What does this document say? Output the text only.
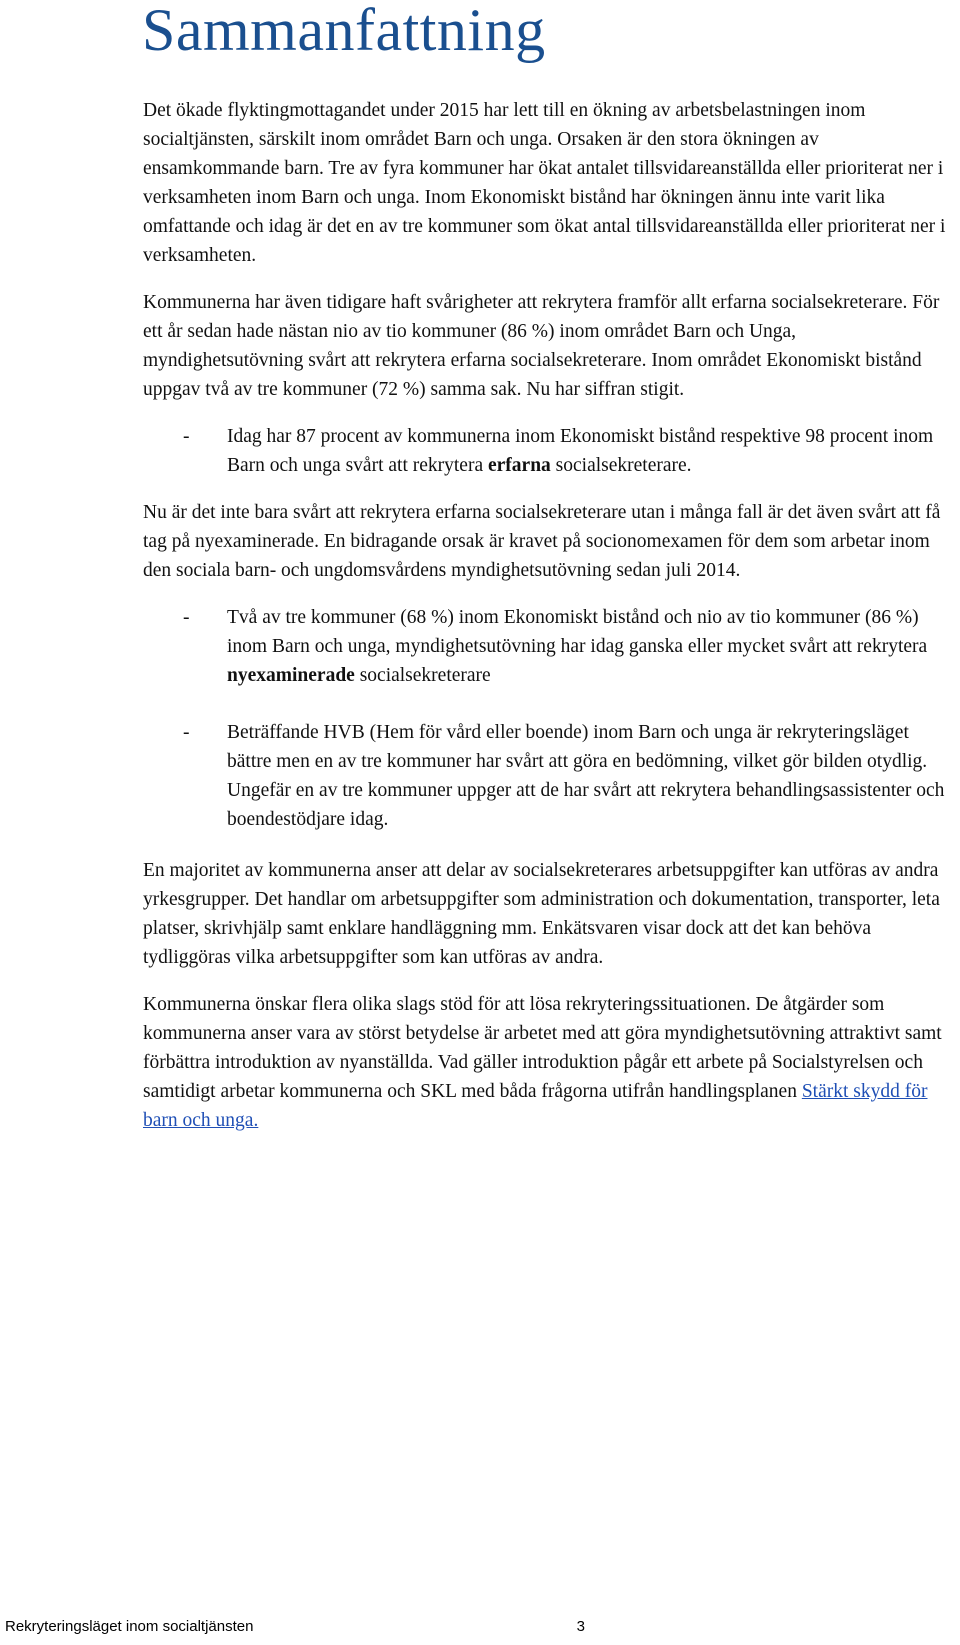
Sammanfattning

Det ökade flyktingmottagandet under 2015 har lett till en ökning av arbetsbelastningen inom socialtjänsten, särskilt inom området Barn och unga. Orsaken är den stora ökningen av ensamkommande barn. Tre av fyra kommuner har ökat antalet tillsvidareanställda eller prioriterat ner i verksamheten inom Barn och unga. Inom Ekonomiskt bistånd har ökningen ännu inte varit lika omfattande och idag är det en av tre kommuner som ökat antal tillsvidareanställda eller prioriterat ner i verksamheten.

Kommunerna har även tidigare haft svårigheter att rekrytera framför allt erfarna socialsekreterare. För ett år sedan hade nästan nio av tio kommuner (86 %) inom området Barn och Unga, myndighetsutövning svårt att rekrytera erfarna socialsekreterare. Inom området Ekonomiskt bistånd uppgav två av tre kommuner (72 %) samma sak. Nu har siffran stigit.

- Idag har 87 procent av kommunerna inom Ekonomiskt bistånd respektive 98 procent inom Barn och unga svårt att rekrytera erfarna socialsekreterare.

Nu är det inte bara svårt att rekrytera erfarna socialsekreterare utan i många fall är det även svårt att få tag på nyexaminerade. En bidragande orsak är kravet på socionomexamen för dem som arbetar inom den sociala barn- och ungdomsvårdens myndighetsutövning sedan juli 2014.

- Två av tre kommuner (68 %) inom Ekonomiskt bistånd och nio av tio kommuner (86 %) inom Barn och unga, myndighetsutövning har idag ganska eller mycket svårt att rekrytera nyexaminerade socialsekreterare
- Beträffande HVB (Hem för vård eller boende) inom Barn och unga är rekryteringsläget bättre men en av tre kommuner har svårt att göra en bedömning, vilket gör bilden otydlig. Ungefär en av tre kommuner uppger att de har svårt att rekrytera behandlingsassistenter och boendestödjare idag.

En majoritet av kommunerna anser att delar av socialsekreterares arbetsuppgifter kan utföras av andra yrkesgrupper. Det handlar om arbetsuppgifter som administration och dokumentation, transporter, leta platser, skrivhjälp samt enklare handläggning mm. Enkätsvaren visar dock att det kan behöva tydliggöras vilka arbetsuppgifter som kan utföras av andra.

Kommunerna önskar flera olika slags stöd för att lösa rekryteringssituationen. De åtgärder som kommunerna anser vara av störst betydelse är arbetet med att göra myndighetsutövning attraktivt samt förbättra introduktion av nyanställda. Vad gäller introduktion pågår ett arbete på Socialstyrelsen och samtidigt arbetar kommunerna och SKL med båda frågorna utifrån handlingsplanen Stärkt skydd för barn och unga.

Rekryteringsläget inom socialtjänsten	3
